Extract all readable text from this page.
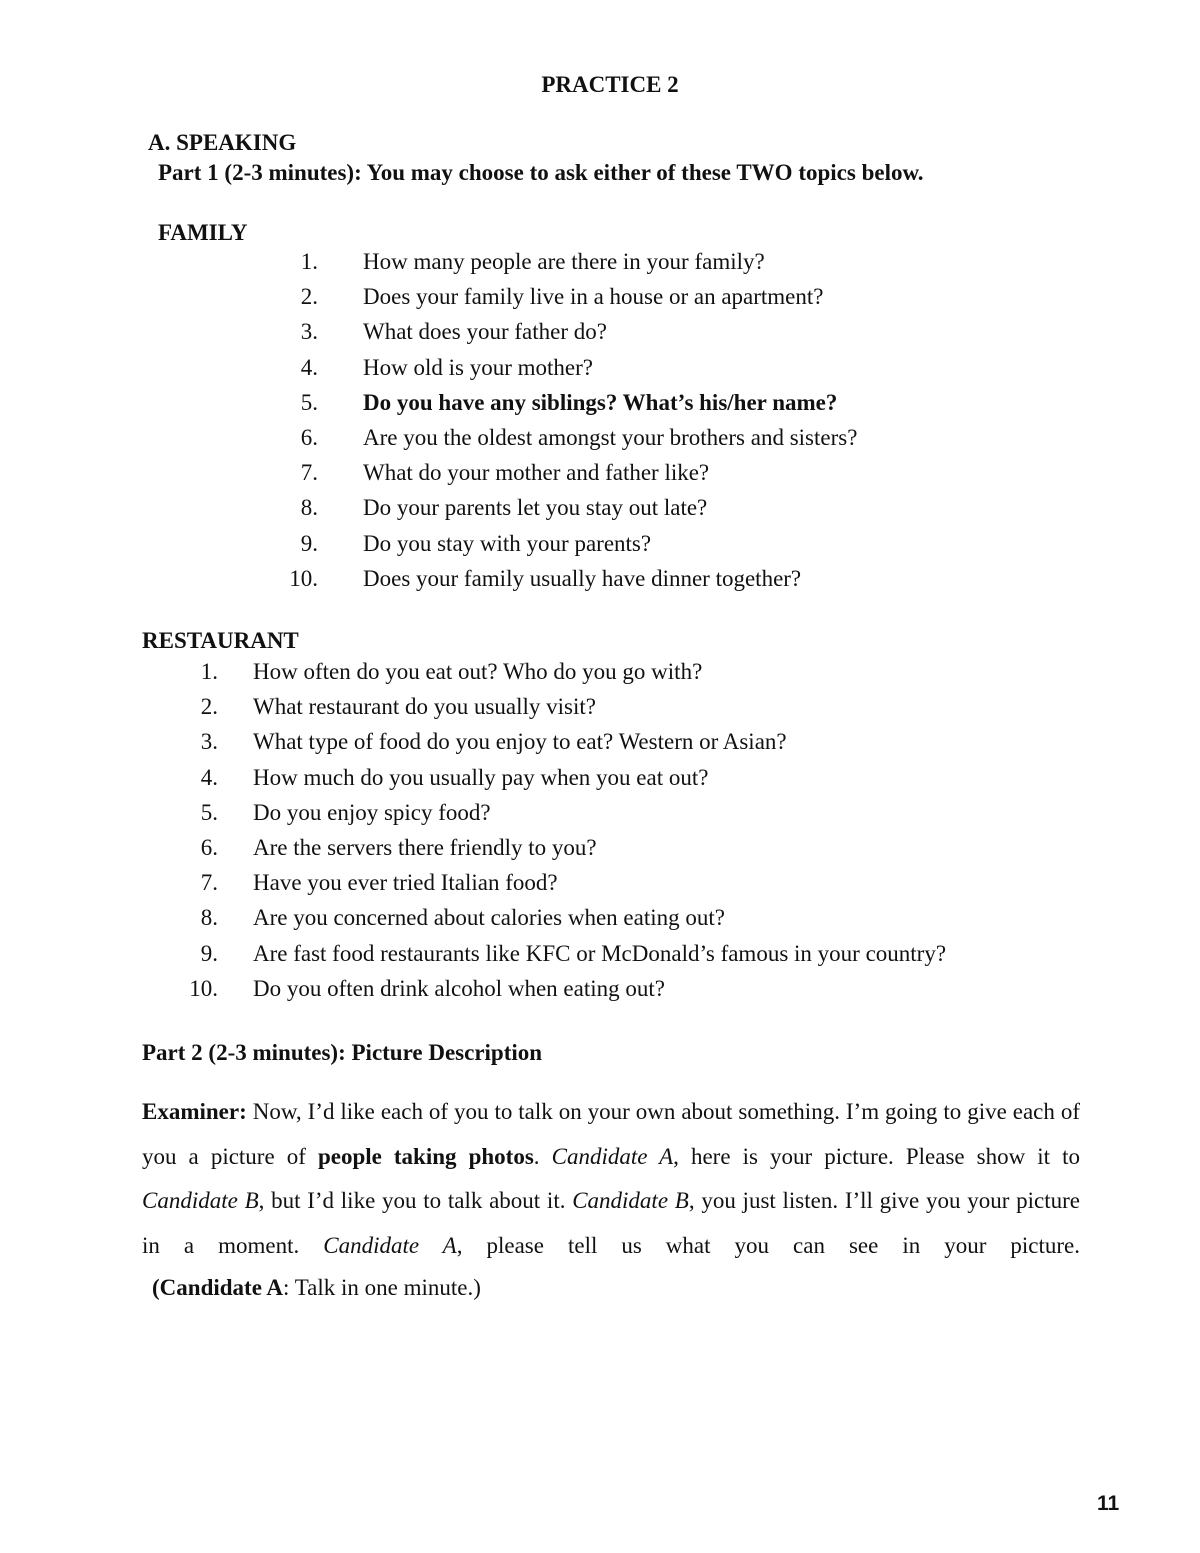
PRACTICE 2
A. SPEAKING
Part 1 (2-3 minutes): You may choose to ask either of these TWO topics below.
FAMILY
1. How many people are there in your family?
2. Does your family live in a house or an apartment?
3. What does your father do?
4. How old is your mother?
5. Do you have any siblings? What’s his/her name?
6. Are you the oldest amongst your brothers and sisters?
7. What do your mother and father like?
8. Do your parents let you stay out late?
9. Do you stay with your parents?
10. Does your family usually have dinner together?
RESTAURANT
1. How often do you eat out? Who do you go with?
2. What restaurant do you usually visit?
3. What type of food do you enjoy to eat? Western or Asian?
4. How much do you usually pay when you eat out?
5. Do you enjoy spicy food?
6. Are the servers there friendly to you?
7. Have you ever tried Italian food?
8. Are you concerned about calories when eating out?
9. Are fast food restaurants like KFC or McDonald’s famous in your country?
10. Do you often drink alcohol when eating out?
Part 2 (2-3 minutes): Picture Description
Examiner: Now, I’d like each of you to talk on your own about something. I’m going to give each of you a picture of people taking photos. Candidate A, here is your picture. Please show it to Candidate B, but I’d like you to talk about it. Candidate B, you just listen. I’ll give you your picture in a moment. Candidate A, please tell us what you can see in your picture.
(Candidate A: Talk in one minute.)
11
